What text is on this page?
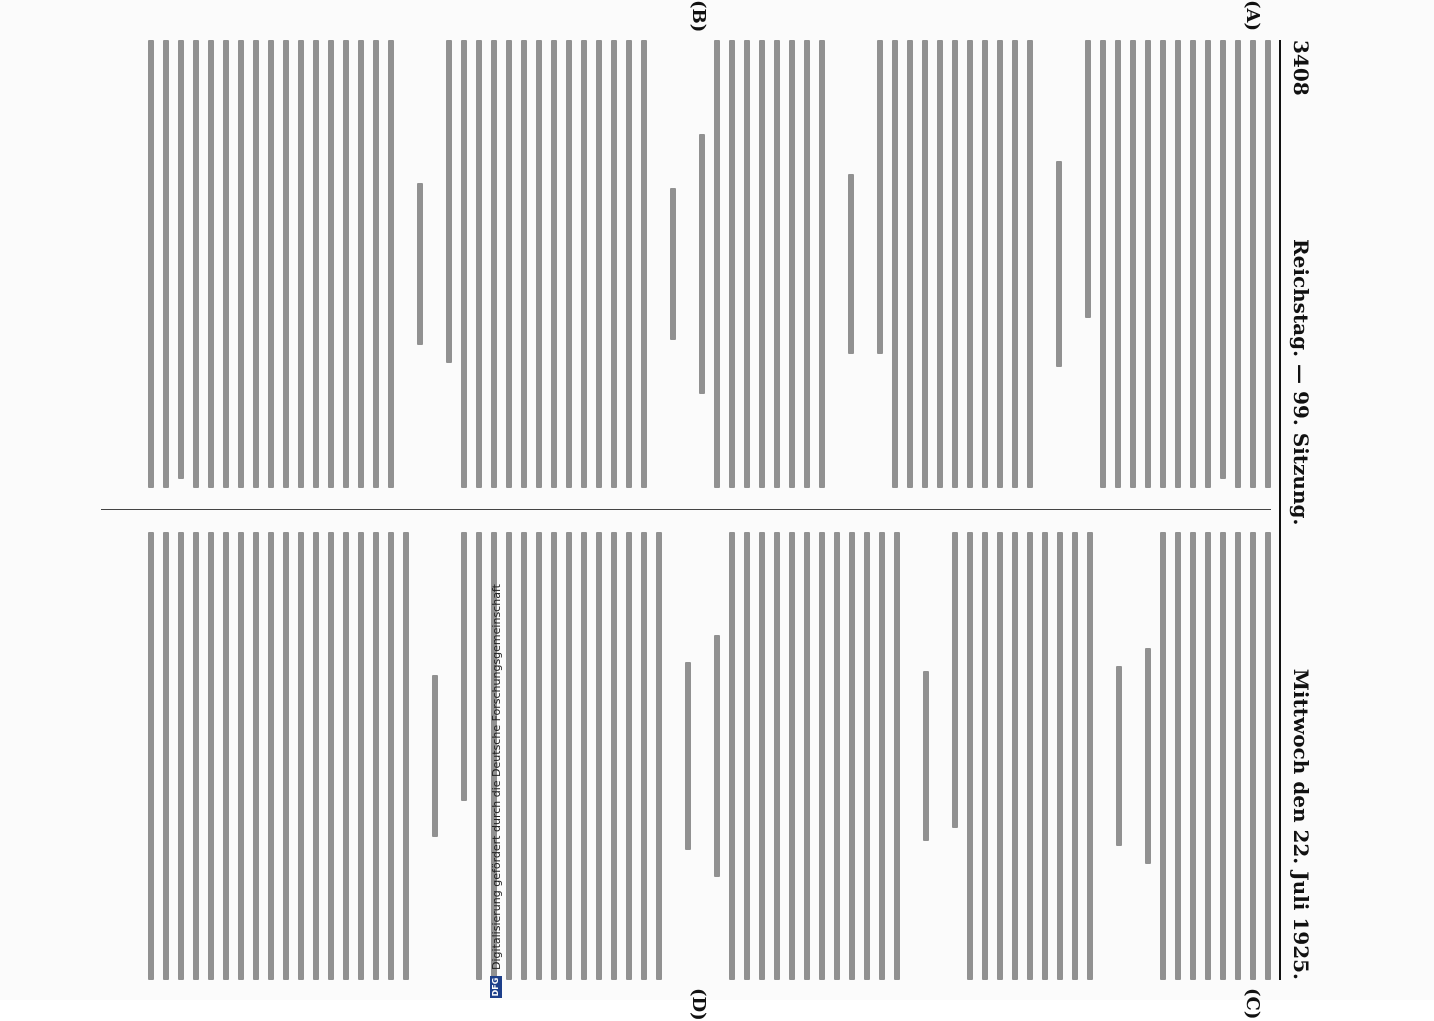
3408
Reichstag. — 99. Sitzung.
Mittwoch den 22. Juli 1925.
(A)
(B)
(C)
(D)
DFG
Digitalisierung gefördert durch die Deutsche Forschungsgemeinschaft
